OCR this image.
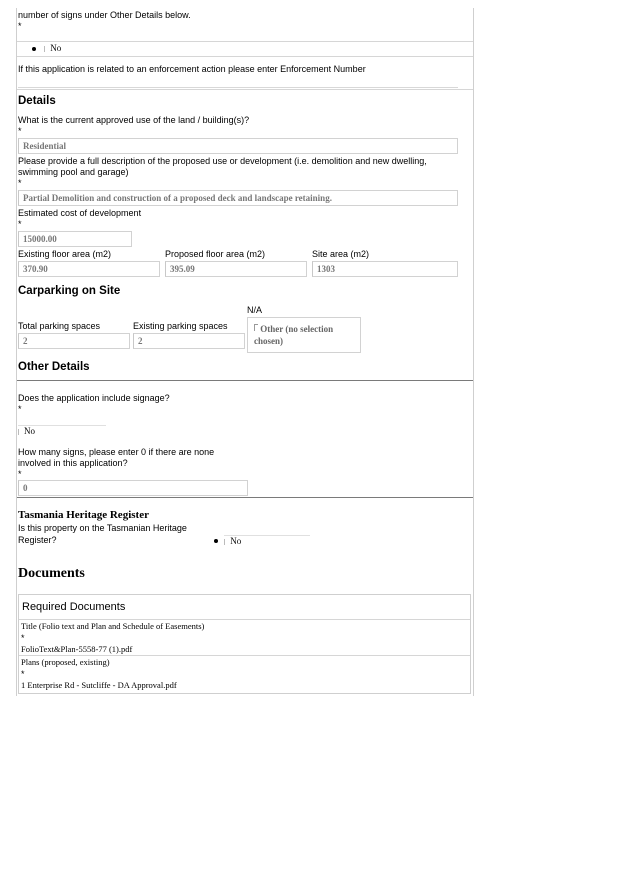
number of signs under Other Details below.
*
No
If this application is related to an enforcement action please enter Enforcement Number
Details
What is the current approved use of the land / building(s)?
*
Residential
Please provide a full description of the proposed use or development (i.e. demolition and new dwelling,
swimming pool and garage)
*
Partial Demolition and construction of a proposed deck and landscape retaining.
Estimated cost of development
*
15000.00
Existing floor area (m2)	Proposed floor area (m2)	Site area (m2)
370.90	395.09	1303
Carparking on Site
N/A
Total parking spaces	Existing parking spaces
2	2
Other (no selection
chosen)
Other Details
Does the application include signage?
*
No
How many signs, please enter 0 if there are none
involved in this application?
*
0
Tasmania Heritage Register
Is this property on the Tasmanian Heritage
Register?	No
Documents
Required Documents
Title (Folio text and Plan and Schedule of Easements)
*
FolioText&Plan-5558-77 (1).pdf
Plans (proposed, existing)
*
1 Enterprise Rd - Sutcliffe - DA Approval.pdf
